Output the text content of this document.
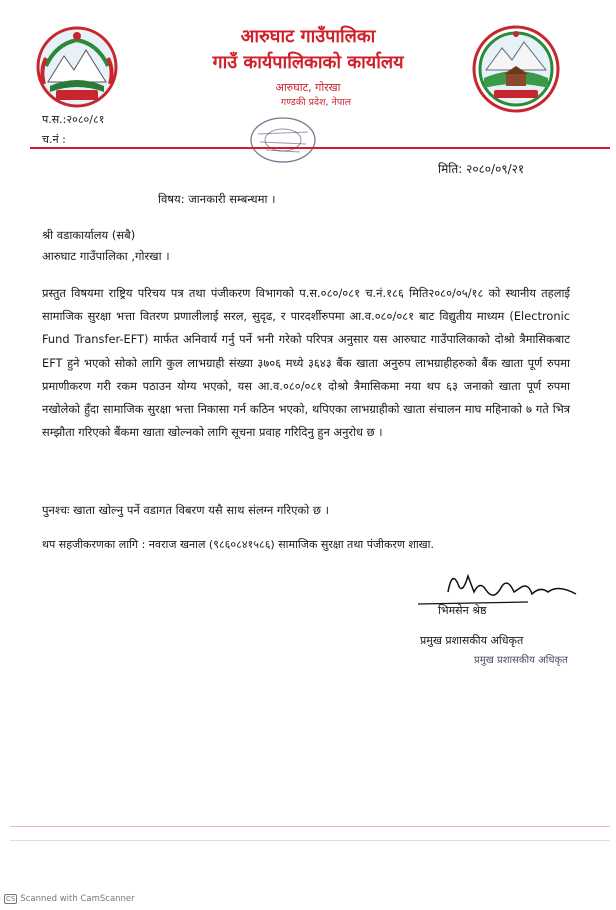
आरुघाट गाउँपालिका
गाउँ कार्यपालिकाको कार्यालय
आरुघाट, गोरखा
गण्डकी प्रदेश, नेपाल
प.स.:२०८०/८१
च.नं :
मिति: २०८०/०९/२१
विषय: जानकारी सम्बन्धमा ।
श्री वडाकार्यालय (सबै)
आरुघाट गाउँपालिका ,गोरखा ।
प्रस्तुत विषयमा राष्ट्रिय परिचय पत्र तथा पंजीकरण विभागको प.स.०८०/०८१ च.नं.१८६ मिति२०८०/०५/१८ को स्थानीय तहलाई सामाजिक सुरक्षा भत्ता वितरण प्रणालीलाई सरल, सुदृढ, र पारदर्शीरुपमा आ.व.०८०/०८१ बाट विद्युतीय माध्यम (Electronic Fund Transfer-EFT) मार्फत अनिवार्य गर्नु पर्ने भनी गरेको परिपत्र अनुसार यस आरुघाट गाउँपालिकाको दोश्रो त्रैमासिकबाट EFT हुने भएको सोको लागि कुल लाभग्राही संख्या ३७०६ मध्ये ३६४३ बैंक खाता अनुरुप लाभग्राहीहरुको बैंक खाता पूर्ण रुपमा प्रमाणीकरण गरी रकम पठाउन योग्य भएको, यस आ.व.०८०/०८१ दोश्रो त्रैमासिकमा नया थप ६३ जनाको खाता पूर्ण रुपमा नखोलेको हुँदा सामाजिक सुरक्षा भत्ता निकासा गर्न कठिन भएको, थपिएका लाभग्राहीको खाता संचालन माघ महिनाको ७ गते भित्र सम्झौता गरिएको बैंकमा खाता खोल्नको लागि सूचना प्रवाह गरिदिनु हुन अनुरोध छ ।
पुनश्चः खाता खोल्नु पर्ने वडागत विबरण यसै साथ संलग्न गरिएको छ ।
थप सहजीकरणका लागि : नवराज खनाल (९८६०८४१५८६) सामाजिक सुरक्षा तथा पंजीकरण शाखा.
भिमसेन श्रेष्ठ
प्रमुख प्रशासकीय अधिकृत
प्रमुख प्रशासकीय अधिकृत
CS Scanned with CamScanner
